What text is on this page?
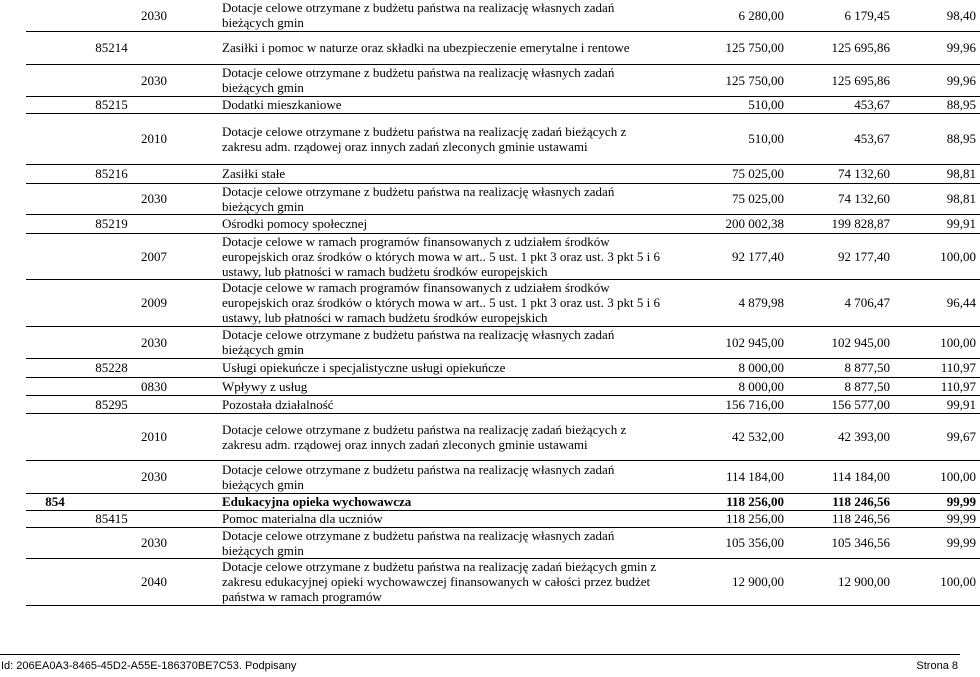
		2030	Dotacje celowe otrzymane z budżetu państwa na realizację własnych zadań bieżących gmin	6 280,00	6 179,45	98,40
	85214		Zasiłki i pomoc w naturze oraz składki na ubezpieczenie emerytalne i rentowe	125 750,00	125 695,86	99,96
		2030	Dotacje celowe otrzymane z budżetu państwa na realizację własnych zadań bieżących gmin	125 750,00	125 695,86	99,96
	85215		Dodatki mieszkaniowe	510,00	453,67	88,95
		2010	Dotacje celowe otrzymane z budżetu państwa na realizację zadań bieżących z zakresu adm. rządowej oraz innych zadań zleconych gminie ustawami	510,00	453,67	88,95
	85216		Zasiłki stałe	75 025,00	74 132,60	98,81
		2030	Dotacje celowe otrzymane z budżetu państwa na realizację własnych zadań bieżących gmin	75 025,00	74 132,60	98,81
	85219		Ośrodki pomocy społecznej	200 002,38	199 828,87	99,91
		2007	Dotacje celowe w ramach programów finansowanych z udziałem środków europejskich oraz środków o których mowa w art.. 5 ust. 1 pkt 3 oraz ust. 3 pkt 5 i 6 ustawy, lub płatności w ramach budżetu środków europejskich	92 177,40	92 177,40	100,00
		2009	Dotacje celowe w ramach programów finansowanych z udziałem środków europejskich oraz środków o których mowa w art.. 5 ust. 1 pkt 3 oraz ust. 3 pkt 5 i 6 ustawy, lub płatności w ramach budżetu środków europejskich	4 879,98	4 706,47	96,44
		2030	Dotacje celowe otrzymane z budżetu państwa na realizację własnych zadań bieżących gmin	102 945,00	102 945,00	100,00
	85228		Usługi opiekuńcze i specjalistyczne usługi opiekuńcze	8 000,00	8 877,50	110,97
		0830	Wpływy z usług	8 000,00	8 877,50	110,97
	85295		Pozostała działalność	156 716,00	156 577,00	99,91
		2010	Dotacje celowe otrzymane z budżetu państwa na realizację zadań bieżących z zakresu adm. rządowej oraz innych zadań zleconych gminie ustawami	42 532,00	42 393,00	99,67
		2030	Dotacje celowe otrzymane z budżetu państwa na realizację własnych zadań bieżących gmin	114 184,00	114 184,00	100,00
854			Edukacyjna opieka wychowawcza	118 256,00	118 246,56	99,99
	85415		Pomoc materialna dla uczniów	118 256,00	118 246,56	99,99
		2030	Dotacje celowe otrzymane z budżetu państwa na realizację własnych zadań bieżących gmin	105 356,00	105 346,56	99,99
		2040	Dotacje celowe otrzymane z budżetu państwa na realizację zadań bieżących gmin z zakresu edukacyjnej opieki wychowawczej finansowanych w całości przez budżet państwa w ramach programów	12 900,00	12 900,00	100,00
Id: 206EA0A3-8465-45D2-A55E-186370BE7C53. Podpisany	Strona 8
